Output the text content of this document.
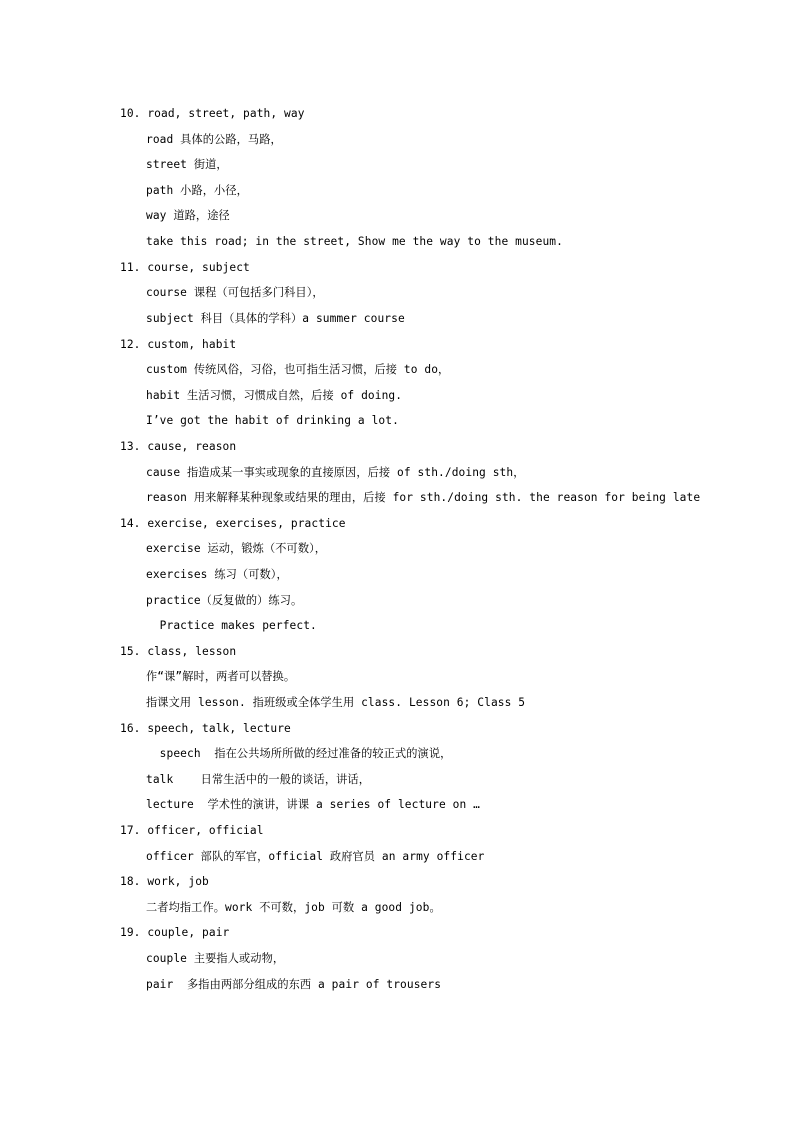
10. road, street, path, way
road 具体的公路，马路，
street 街道，
path 小路，小径，
way 道路，途径
take this road; in the street, Show me the way to the museum.
11. course, subject
course 课程（可包括多门科目），
subject 科目（具体的学科）a summer course
12. custom, habit
custom 传统风俗，习俗，也可指生活习惯，后接 to do，
habit 生活习惯，习惯成自然，后接 of doing.
I’ve got the habit of drinking a lot.
13. cause, reason
cause 指造成某一事实或现象的直接原因，后接 of sth./doing sth，
reason 用来解释某种现象或结果的理由，后接 for sth./doing sth. the reason for being late
14. exercise, exercises, practice
exercise 运动，锻炼（不可数），
exercises 练习（可数），
practice（反复做的）练习。
Practice makes perfect.
15. class, lesson
作“课”解时，两者可以替换。
指课文用 lesson. 指班级或全体学生用 class. Lesson 6; Class 5
16. speech, talk, lecture
speech  指在公共场所所做的经过准备的较正式的演说，
talk    日常生活中的一般的谈话，讲话，
lecture  学术性的演讲，讲课 a series of lecture on …
17. officer, official
officer 部队的军官，official 政府官员 an army officer
18. work, job
二者均指工作。work 不可数，job 可数 a good job。
19. couple, pair
couple 主要指人或动物，
pair  多指由两部分组成的东西 a pair of trousers
